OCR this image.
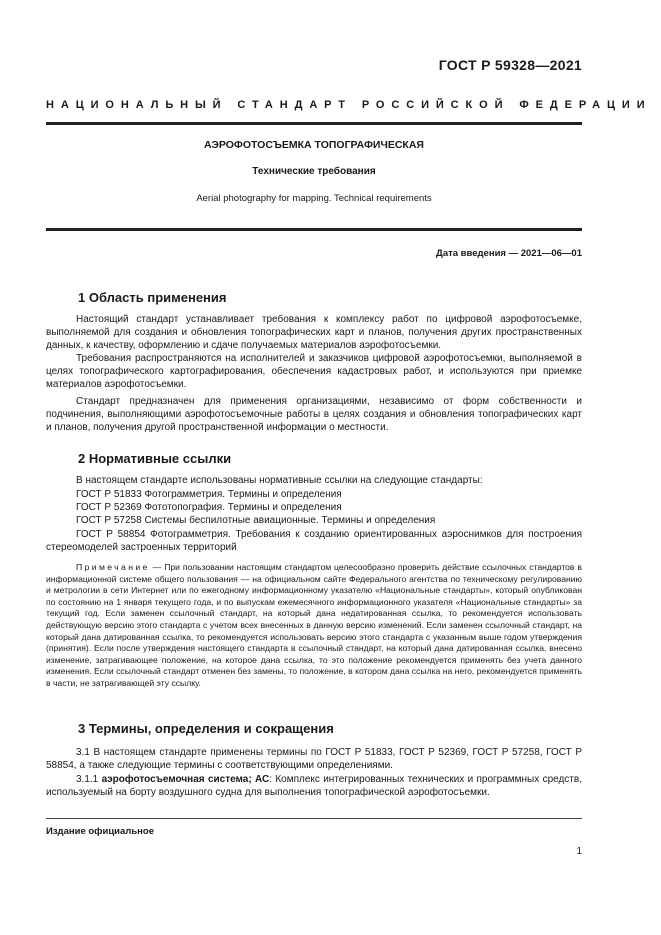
ГОСТ Р 59328—2021
НАЦИОНАЛЬНЫЙ СТАНДАРТ РОССИЙСКОЙ ФЕДЕРАЦИИ
АЭРОФОТОСЪЕМКА ТОПОГРАФИЧЕСКАЯ
Технические требования
Aerial photography for mapping. Technical requirements
Дата введения — 2021—06—01
1 Область применения

Настоящий стандарт устанавливает требования к комплексу работ по цифровой аэрофотосъемке, выполняемой для создания и обновления топографических карт и планов, получения других пространственных данных, к качеству, оформлению и сдаче получаемых материалов аэрофотосъемки.

Требования распространяются на исполнителей и заказчиков цифровой аэрофотосъемки, выполняемой в целях топографического картографирования, обеспечения кадастровых работ, и используются при приемке материалов аэрофотосъемки.

Стандарт предназначен для применения организациями, независимо от форм собственности и подчинения, выполняющими аэрофотосъемочные работы в целях создания и обновления топографических карт и планов, получения другой пространственной информации о местности.

2 Нормативные ссылки
В настоящем стандарте использованы нормативные ссылки на следующие стандарты:
ГОСТ Р 51833 Фотограмметрия. Термины и определения
ГОСТ Р 52369 Фототопография. Термины и определения
ГОСТ Р 57258 Системы беспилотные авиационные. Термины и определения

ГОСТ Р 58854 Фотограмметрия. Требования к созданию ориентированных аэроснимков для построения стереомоделей застроенных территорий

Примечание — При пользовании настоящим стандартом целесообразно проверить действие ссылочных стандартов в информационной системе общего пользования — на официальном сайте Федерального агентства по техническому регулированию и метрологии в сети Интернет или по ежегодному информационному указателю «Национальные стандарты», который опубликован по состоянию на 1 января текущего года, и по выпускам ежемесячного информационного указателя «Национальные стандарты» за текущий год. Если заменен ссылочный стандарт, на который дана недатированная ссылка, то рекомендуется использовать действующую версию этого стандарта с учетом всех внесенных в данную версию изменений. Если заменен ссылочный стандарт, на который дана датированная ссылка, то рекомендуется использовать версию этого стандарта с указанным выше годом утверждения (принятия). Если после утверждения настоящего стандарта в ссылочный стандарт, на который дана датированная ссылка, внесено изменение, затрагивающее положение, на которое дана ссылка, то это положение рекомендуется применять без учета данного изменения. Если ссылочный стандарт отменен без замены, то положение, в котором дана ссылка на него, рекомендуется применять в части, не затрагивающей эту ссылку.

3 Термины, определения и сокращения

3.1 В настоящем стандарте применены термины по ГОСТ Р 51833, ГОСТ Р 52369, ГОСТ Р 57258, ГОСТ Р 58854, а также следующие термины с соответствующими определениями.

3.1.1 аэрофотосъемочная система; АС: Комплекс интегрированных технических и программных средств, используемый на борту воздушного судна для выполнения топографической аэрофотосъемки.

Издание официальное
1
